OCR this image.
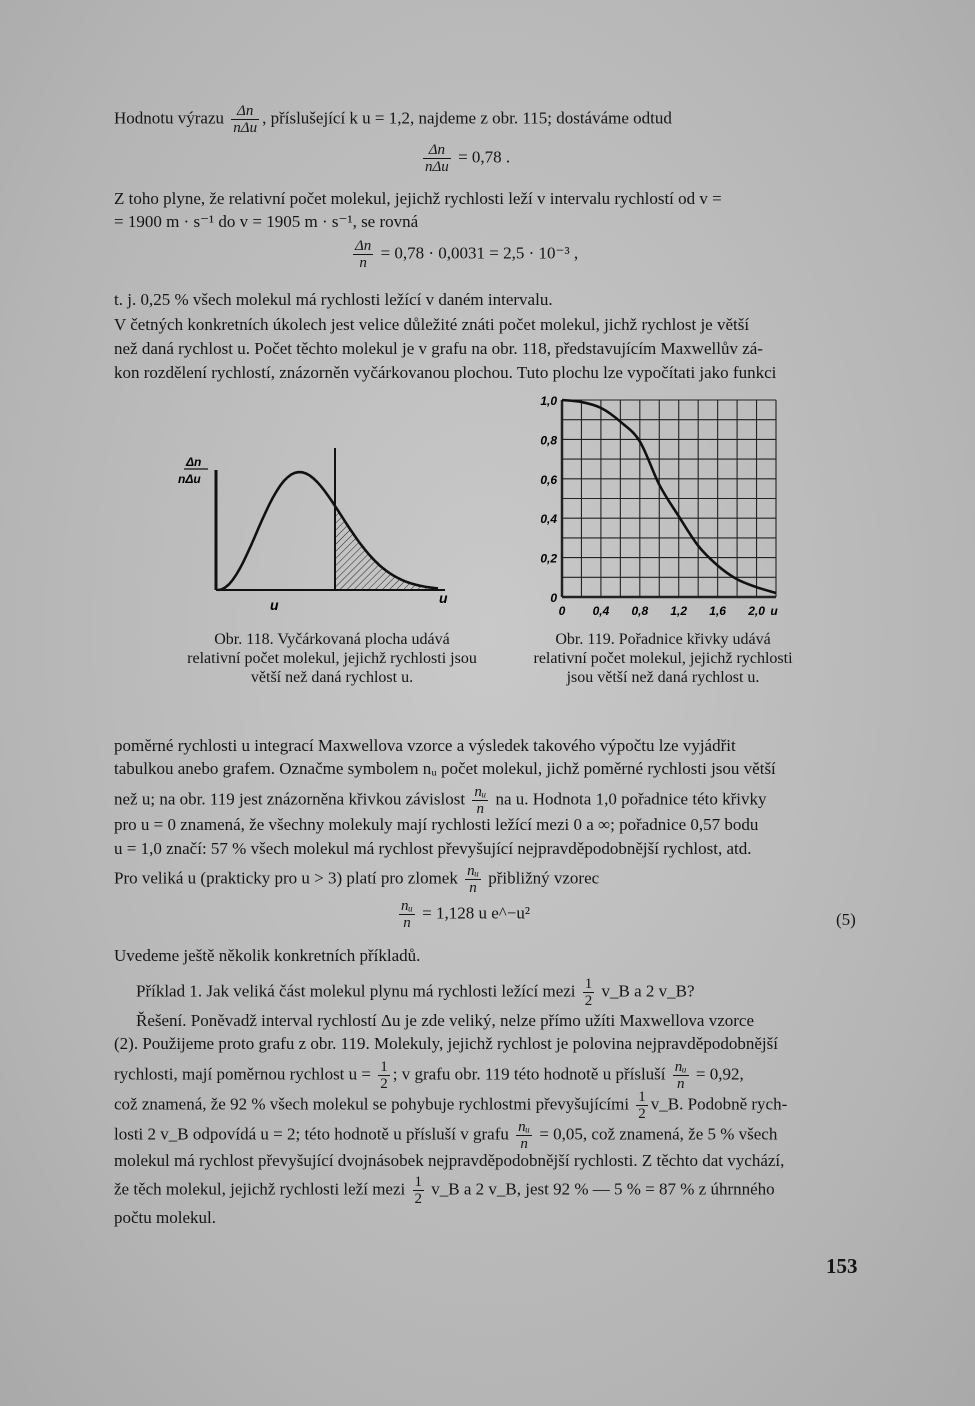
Hodnotu výrazu $\frac{\Delta n}{\text{nΔu}}$ , příslušející k u = 1,2, najdeme z obr. 115; dostáváme odtud
$\frac{\Delta n}{\text{nΔu}} = 0,78$ .
Z toho plyne, že relativní počet molekul, jejichž rychlosti leží v intervalu rychlostí od v =
= 1900 m · s⁻¹ do v = 1905 m · s⁻¹, se rovná
$\frac{\Delta n}{n} = 0,78 \cdot 0,0031 = 2,5 \cdot 10^{-3}$ ,
t. j. 0,25 % všech molekul má rychlosti ležící v daném intervalu.
V četných konkretních úkolech jest velice důležité znáti počet molekul, jichž rychlost je větší
než daná rychlost u. Počet těchto molekul je v grafu na obr. 118, představujícím Maxwellův zá-
kon rozdělení rychlostí, znázorněn vyčárkovanou plochou. Tuto plochu lze vypočítati jako funkci
Δn
nΔu
u	u	0
0,2
0,4
0,6
0,8
1,0
0 0,4 0,8 1,2 1,6 2,0 u
Obr. 118. Vyčárkovaná plocha udává relativní počet molekul, jejichž rychlosti jsou větší než daná rychlost u.
Obr. 119. Pořadnice křivky udává relativní počet molekul, jejichž rychlosti jsou větší než daná rychlost u.
poměrné rychlosti u integrací Maxwellova vzorce a výsledek takového výpočtu lze vyjádřit
tabulkou anebo grafem. Označme symbolem nᵤ počet molekul, jichž poměrné rychlosti jsou větší
než u; na obr. 119 jest znázorněna křivkou závislost $\frac{\text{nᵤ}}{n}$ na u. Hodnota 1,0 pořadnice této křivky
pro u = 0 znamená, že všechny molekuly mají rychlosti ležící mezi 0 a ∞; pořadnice 0,57 bodu
u = 1,0 značí: 57 % všech molekul má rychlost převyšující nejpravděpodobnější rychlost, atd.
Pro veliká u (prakticky pro u > 3) platí pro zlomek $\frac{\text{nᵤ}}{n}$ přibližný vzorec
$\frac{\text{nᵤ}}{n} = 1,128$ u e^−u²	(5)
Uvedeme ještě několik konkretních příkladů.
Příklad 1. Jak veliká část molekul plynu má rychlosti ležící mezi $\frac{1}{2}$ v_B a 2 v_B?
Řešení. Poněvadž interval rychlostí Δu je zde veliký, nelze přímo užíti Maxwellova vzorce
(2). Použijeme proto grafu z obr. 119. Molekuly, jejichž rychlost je polovina nejpravděpodobnější
rychlosti, mají poměrnou rychlost $u = \frac{1}{2}$ ; v grafu obr. 119 této hodnotě u přísluší $\frac{\text{nᵤ}}{n} = 0,92$,
což znamená, že 92 % všech molekul se pohybuje rychlostmi převyšujícími $\frac{1}{2}$ v_B. Podobně rych-
losti 2 v_B odpovídá u = 2; této hodnotě u přísluší v grafu $\frac{\text{nᵤ}}{n} = 0,05$, což znamená, že 5 % všech
molekul má rychlost převyšující dvojnásobek nejpravděpodobnější rychlosti. Z těchto dat vychází,
že těch molekul, jejichž rychlosti leží mezi $\frac{1}{2}$ v_B a 2 v_B, jest 92 % — 5 % = 87 % z úhrnného
počtu molekul.
153
